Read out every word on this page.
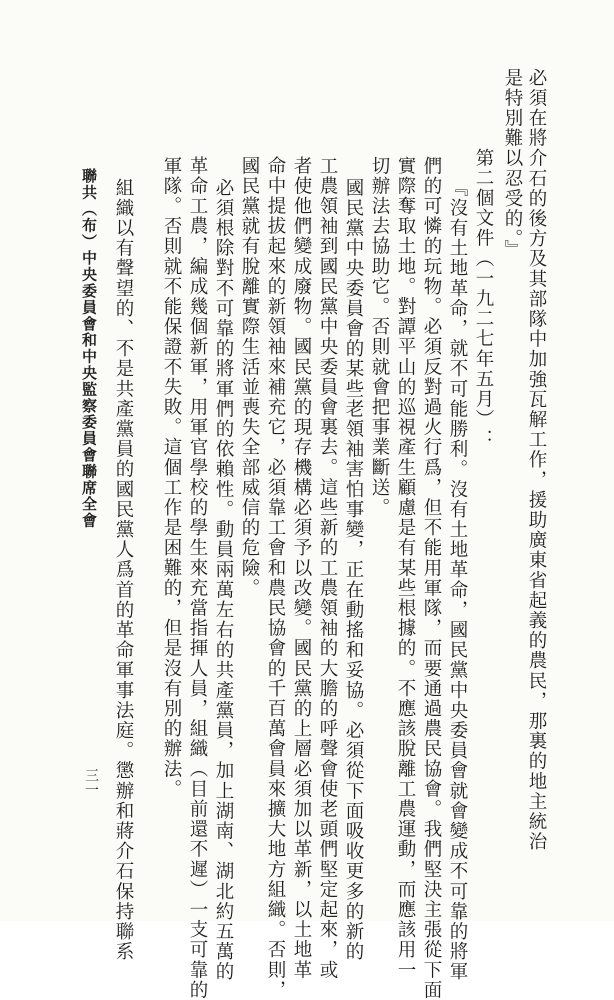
必須在將介石的後方及其部隊中加強瓦解工作，援助廣東省起義的農民，那裏的地主統治
是特別難以忍受的。』
第二個文件（一九二七年五月）：
『沒有土地革命，就不可能勝利。沒有土地革命，國民黨中央委員會就會變成不可靠的將軍
們的可憐的玩物。必須反對過火行爲，但不能用軍隊，而要通過農民協會。我們堅決主張從下面
實際奪取土地。對譚平山的巡視產生顧慮是有某些根據的。不應該脫離工農運動，而應該用一
切辦法去協助它。否則就會把事業斷送。
國民黨中央委員會的某些老領袖害怕事變，正在動搖和妥協。必須從下面吸收更多的新的
工農領袖到國民黨中央委員會裏去。這些新的工農領袖的大膽的呼聲會使老頭們堅定起來，或
者使他們變成廢物。國民黨的現存機構必須予以改變。國民黨的上層必須加以革新，以土地革
命中提拔起來的新領袖來補充它，必須靠工會和農民協會的千百萬會員來擴大地方組織。否則，
國民黨就有脫離實際生活並喪失全部威信的危險。
必須根除對不可靠的將軍們的依賴性。動員兩萬左右的共產黨員，加上湖南、湖北約五萬的
革命工農，編成幾個新軍，用軍官學校的學生來充當指揮人員，組織（目前還不遲）一支可靠的
軍隊。否則就不能保證不失敗。這個工作是困難的，但是沒有別的辦法。
組織以有聲望的、不是共產黨員的國民黨人爲首的革命軍事法庭。懲辦和蔣介石保持聯系
聯共（布）中央委員會和中央監察委員會聯席全會
三一
